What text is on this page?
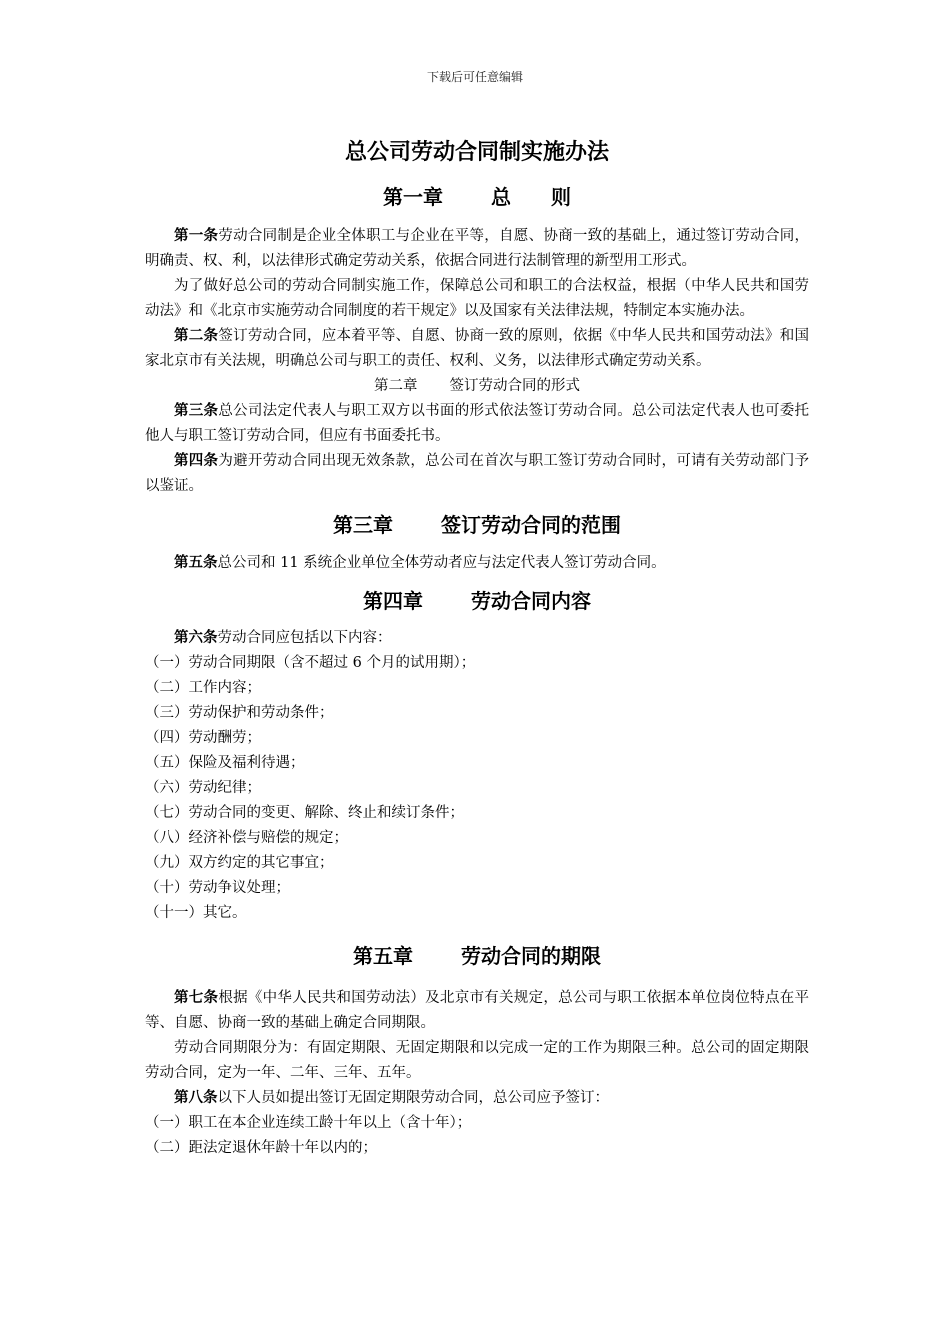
下载后可任意编辑
总公司劳动合同制实施办法
第一章 总　　则

第一条劳动合同制是企业全体职工与企业在平等，自愿、协商一致的基础上，通过签订劳动合同，明确责、权、利，以法律形式确定劳动关系，依据合同进行法制管理的新型用工形式。

为了做好总公司的劳动合同制实施工作，保障总公司和职工的合法权益，根据（中华人民共和国劳动法》和《北京市实施劳动合同制度的若干规定》以及国家有关法律法规，特制定本实施办法。

第二条签订劳动合同，应本着平等、自愿、协商一致的原则，依据《中华人民共和国劳动法》和国家北京市有关法规，明确总公司与职工的责任、权利、义务，以法律形式确定劳动关系。

第二章 签订劳动合同的形式

第三条总公司法定代表人与职工双方以书面的形式依法签订劳动合同。总公司法定代表人也可委托他人与职工签订劳动合同，但应有书面委托书。

第四条为避开劳动合同出现无效条款，总公司在首次与职工签订劳动合同时，可请有关劳动部门予以鉴证。

第三章 签订劳动合同的范围

第五条总公司和 11 系统企业单位全体劳动者应与法定代表人签订劳动合同。

第四章 劳动合同内容

第六条劳动合同应包括以下内容：

（一）劳动合同期限（含不超过 6 个月的试用期）；

（二）工作内容；

（三）劳动保护和劳动条件；

（四）劳动酬劳；

（五）保险及福利待遇；

（六）劳动纪律；

（七）劳动合同的变更、解除、终止和续订条件；

（八）经济补偿与赔偿的规定；

（九）双方约定的其它事宜；

（十）劳动争议处理；

（十一）其它。

第五章 劳动合同的期限

第七条根据《中华人民共和国劳动法）及北京市有关规定，总公司与职工依据本单位岗位特点在平等、自愿、协商一致的基础上确定合同期限。

劳动合同期限分为：有固定期限、无固定期限和以完成一定的工作为期限三种。总公司的固定期限劳动合同，定为一年、二年、三年、五年。

第八条以下人员如提出签订无固定期限劳动合同，总公司应予签订：

（一）职工在本企业连续工龄十年以上（含十年）；

（二）距法定退休年龄十年以内的；
